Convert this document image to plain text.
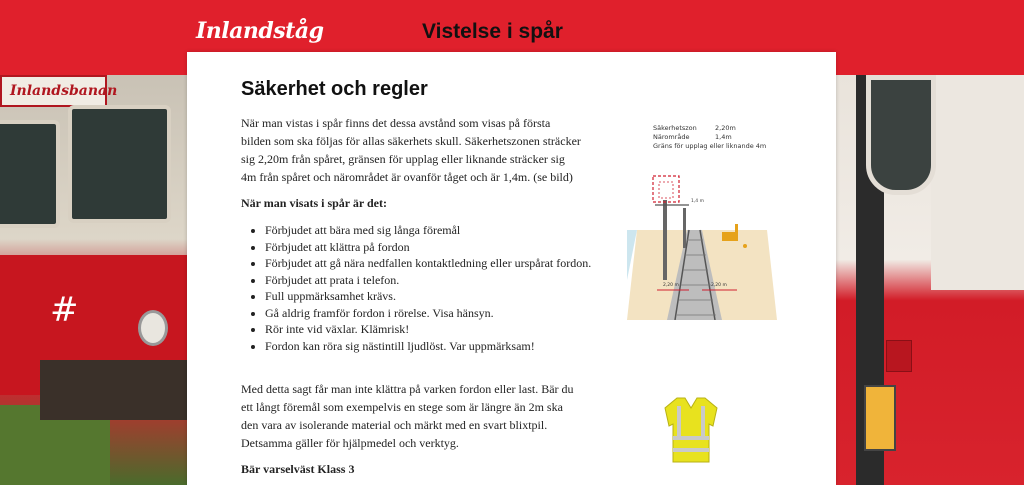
Inlandståg	Vistelse i spår
Inlandsbanan
#
Säkerhet och regler
När man vistas i spår finns det dessa avstånd som visas på första bilden som ska följas för allas säkerhets skull. Säkerhetszonen sträcker sig 2,20m från spåret, gränsen för upplag eller liknande sträcker sig 4m från spåret och närområdet är ovanför tåget och är 1,4m. (se bild)
När man visats i spår är det:
• Förbjudet att bära med sig långa föremål
• Förbjudet att klättra på fordon
• Förbjudet att gå nära nedfallen kontaktledning eller urspårat fordon.
• Förbjudet att prata i telefon.
• Full uppmärksamhet krävs.
• Gå aldrig framför fordon i rörelse. Visa hänsyn.
• Rör inte vid växlar. Klämrisk!
• Fordon kan röra sig nästintill ljudlöst. Var uppmärksam!
Med detta sagt får man inte klättra på varken fordon eller last. Bär du ett långt föremål som exempelvis en stege som är längre än 2m ska den vara av isolerande material och märkt med en svart blixtpil. Detsamma gäller för hjälpmedel och verktyg.
Bär varselväst Klass 3
Säkerhetszon	2,20m
Närområde	1,4m
Gräns för upplag eller liknande 4m
1,4 m
2,20 m	2,20 m
